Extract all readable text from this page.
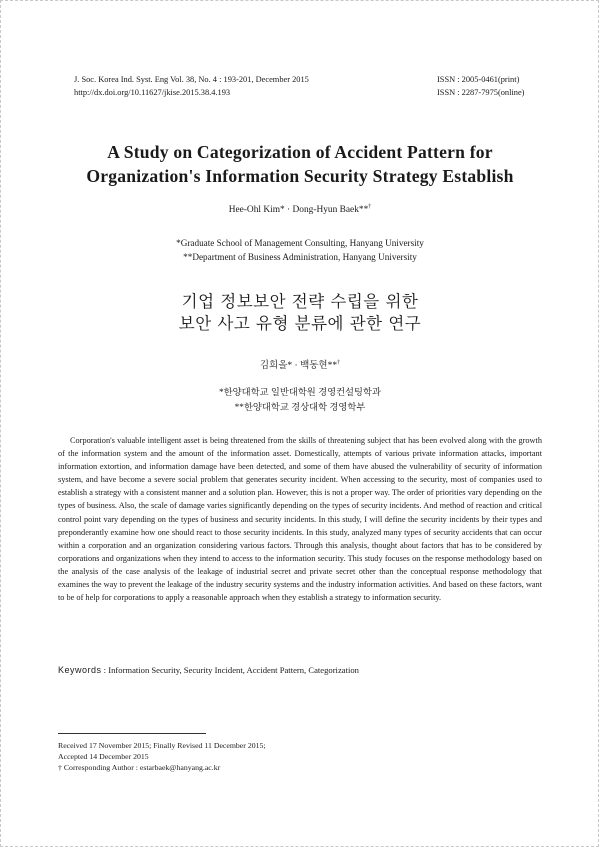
J. Soc. Korea Ind. Syst. Eng Vol. 38, No. 4 : 193-201, December 2015
http://dx.doi.org/10.11627/jkise.2015.38.4.193
ISSN : 2005-0461(print)
ISSN : 2287-7975(online)
A Study on Categorization of Accident Pattern for
Organization's Information Security Strategy Establish
Hee-Ohl Kim* · Dong-Hyun Baek**†
*Graduate School of Management Consulting, Hanyang University
**Department of Business Administration, Hanyang University
기업 정보보안 전략 수립을 위한
보안 사고 유형 분류에 관한 연구
김희올* · 백동현**†
*한양대학교 일반대학원 경영컨설팅학과
**한양대학교 경상대학 경영학부

Corporation's valuable intelligent asset is being threatened from the skills of threatening subject that has been evolved along with the growth of the information system and the amount of the information asset. Domestically, attempts of various private information attacks, important information extortion, and information damage have been detected, and some of them have abused the vulnerability of security of information system, and have become a severe social problem that generates security incident. When accessing to the security, most of companies used to establish a strategy with a consistent manner and a solution plan. However, this is not a proper way. The order of priorities vary depending on the types of business. Also, the scale of damage varies significantly depending on the types of security incidents. And method of reaction and critical control point vary depending on the types of business and security incidents. In this study, I will define the security incidents by their types and preponderantly examine how one should react to those security incidents. In this study, analyzed many types of security accidents that can occur within a corporation and an organization considering various factors. Through this analysis, thought about factors that has to be considered by corporations and organizations when they intend to access to the information security. This study focuses on the response methodology based on the analysis of the case analysis of the leakage of industrial secret and private secret other than the conceptual response methodology that examines the way to prevent the leakage of the industry security systems and the industry information activities. And based on these factors, want to be of help for corporations to apply a reasonable approach when they establish a strategy to information security.

Keywords : Information Security, Security Incident, Accident Pattern, Categorization
Received 17 November 2015; Finally Revised 11 December 2015;
Accepted 14 December 2015
† Corresponding Author : estarbaek@hanyang.ac.kr
